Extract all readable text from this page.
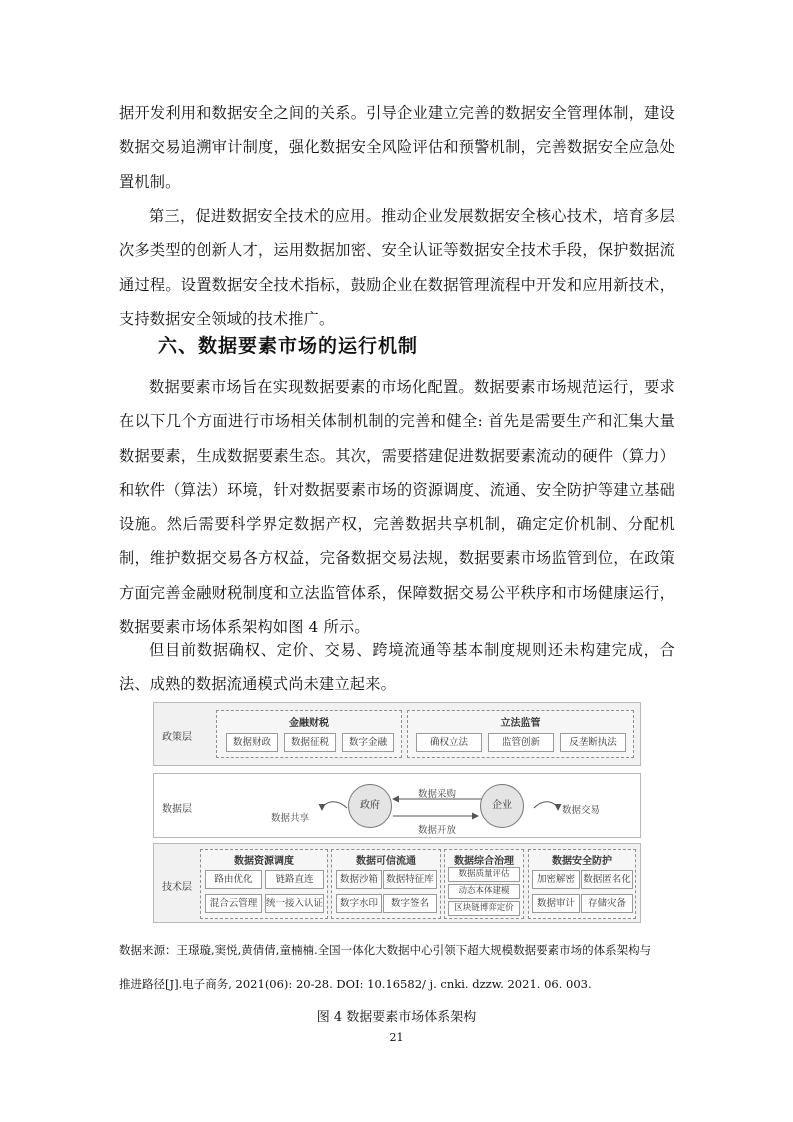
据开发利用和数据安全之间的关系。引导企业建立完善的数据安全管理体制，建设数据交易追溯审计制度，强化数据安全风险评估和预警机制，完善数据安全应急处置机制。
第三，促进数据安全技术的应用。推动企业发展数据安全核心技术，培育多层次多类型的创新人才，运用数据加密、安全认证等数据安全技术手段，保护数据流通过程。设置数据安全技术指标，鼓励企业在数据管理流程中开发和应用新技术，支持数据安全领域的技术推广。
六、数据要素市场的运行机制
数据要素市场旨在实现数据要素的市场化配置。数据要素市场规范运行，要求在以下几个方面进行市场相关体制机制的完善和健全: 首先是需要生产和汇集大量数据要素，生成数据要素生态。其次，需要搭建促进数据要素流动的硬件（算力）和软件（算法）环境，针对数据要素市场的资源调度、流通、安全防护等建立基础设施。然后需要科学界定数据产权，完善数据共享机制，确定定价机制、分配机制，维护数据交易各方权益，完备数据交易法规，数据要素市场监管到位，在政策方面完善金融财税制度和立法监管体系，保障数据交易公平秩序和市场健康运行，数据要素市场体系架构如图 4 所示。
但目前数据确权、定价、交易、跨境流通等基本制度规则还未构建完成，合法、成熟的数据流通模式尚未建立起来。
政策层
金融财税
数据财政	数据征税	数字金融
立法监管
确权立法	监管创新	反垄断执法
数据层
数据共享
政府
数据采购
数据开放
企业	数据交易
技术层
数据资源调度
路由优化	链路直连
混合云管理 统一接入认证
数据可信流通
数据沙箱 数据特征库
数字水印	数字签名
数据综合治理
数据质量评估
动态本体建模
区块链博弈定价
数据安全防护
加密解密 数据匿名化
数据审计	存储灾备
数据来源：王璟璇,窦悦,黄倩倩,童楠楠.全国一体化大数据中心引领下超大规模数据要素市场的体系架构与
推进路径[J].电子商务, 2021(06): 20-28. DOI: 10.16582/ j. cnki. dzzw. 2021. 06. 003.
图 4 数据要素市场体系架构
21
